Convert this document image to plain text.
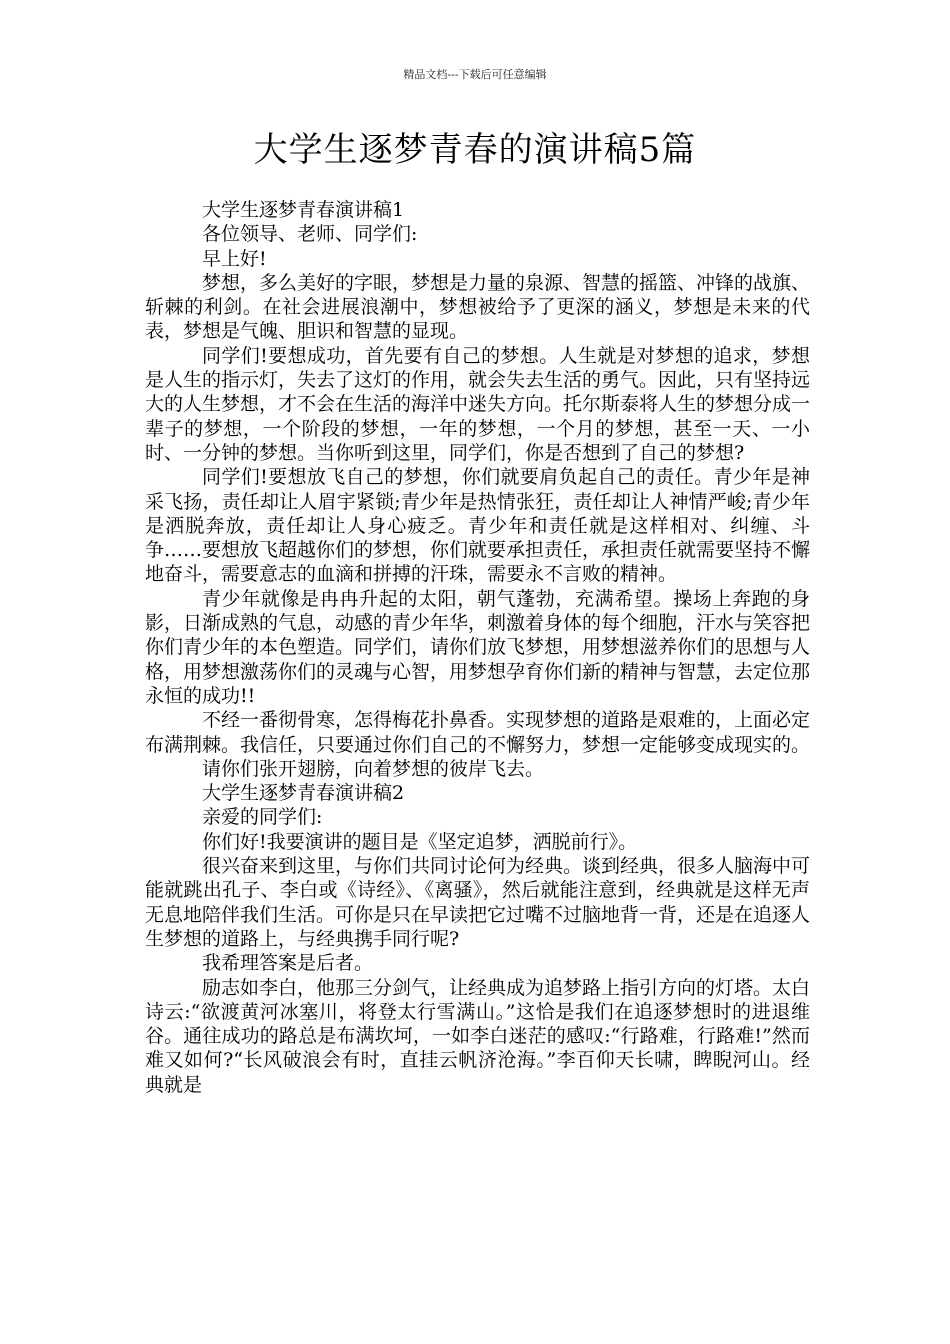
精品文档---下载后可任意编辑
大学生逐梦青春的演讲稿5篇

大学生逐梦青春演讲稿1

各位领导、老师、同学们:

早上好!

梦想，多么美好的字眼，梦想是力量的泉源、智慧的摇篮、冲锋的战旗、斩棘的利剑。在社会进展浪潮中，梦想被给予了更深的涵义，梦想是未来的代表，梦想是气魄、胆识和智慧的显现。

同学们!要想成功，首先要有自己的梦想。人生就是对梦想的追求，梦想是人生的指示灯，失去了这灯的作用，就会失去生活的勇气。因此，只有坚持远大的人生梦想，才不会在生活的海洋中迷失方向。托尔斯泰将人生的梦想分成一辈子的梦想，一个阶段的梦想，一年的梦想，一个月的梦想，甚至一天、一小时、一分钟的梦想。当你听到这里，同学们，你是否想到了自己的梦想?

同学们!要想放飞自己的梦想，你们就要肩负起自己的责任。青少年是神采飞扬，责任却让人眉宇紧锁;青少年是热情张狂，责任却让人神情严峻;青少年是洒脱奔放，责任却让人身心疲乏。青少年和责任就是这样相对、纠缠、斗争……要想放飞超越你们的梦想，你们就要承担责任，承担责任就需要坚持不懈地奋斗，需要意志的血滴和拼搏的汗珠，需要永不言败的精神。

青少年就像是冉冉升起的太阳，朝气蓬勃，充满希望。操场上奔跑的身影，日渐成熟的气息，动感的青少年华，刺激着身体的每个细胞，汗水与笑容把你们青少年的本色塑造。同学们，请你们放飞梦想，用梦想滋养你们的思想与人格，用梦想激荡你们的灵魂与心智，用梦想孕育你们新的精神与智慧，去定位那永恒的成功!!

不经一番彻骨寒，怎得梅花扑鼻香。实现梦想的道路是艰难的，上面必定布满荆棘。我信任，只要通过你们自己的不懈努力，梦想一定能够变成现实的。

请你们张开翅膀，向着梦想的彼岸飞去。

大学生逐梦青春演讲稿2

亲爱的同学们:

你们好!我要演讲的题目是《坚定追梦，洒脱前行》。

很兴奋来到这里，与你们共同讨论何为经典。谈到经典，很多人脑海中可能就跳出孔子、李白或《诗经》、《离骚》，然后就能注意到，经典就是这样无声无息地陪伴我们生活。可你是只在早读把它过嘴不过脑地背一背，还是在追逐人生梦想的道路上，与经典携手同行呢?

我希理答案是后者。

励志如李白，他那三分剑气，让经典成为追梦路上指引方向的灯塔。太白诗云:“欲渡黄河冰塞川，将登太行雪满山。”这恰是我们在追逐梦想时的进退维谷。通往成功的路总是布满坎坷，一如李白迷茫的感叹:“行路难，行路难!”然而难又如何?“长风破浪会有时，直挂云帆济沧海。”李百仰天长啸，睥睨河山。经典就是
